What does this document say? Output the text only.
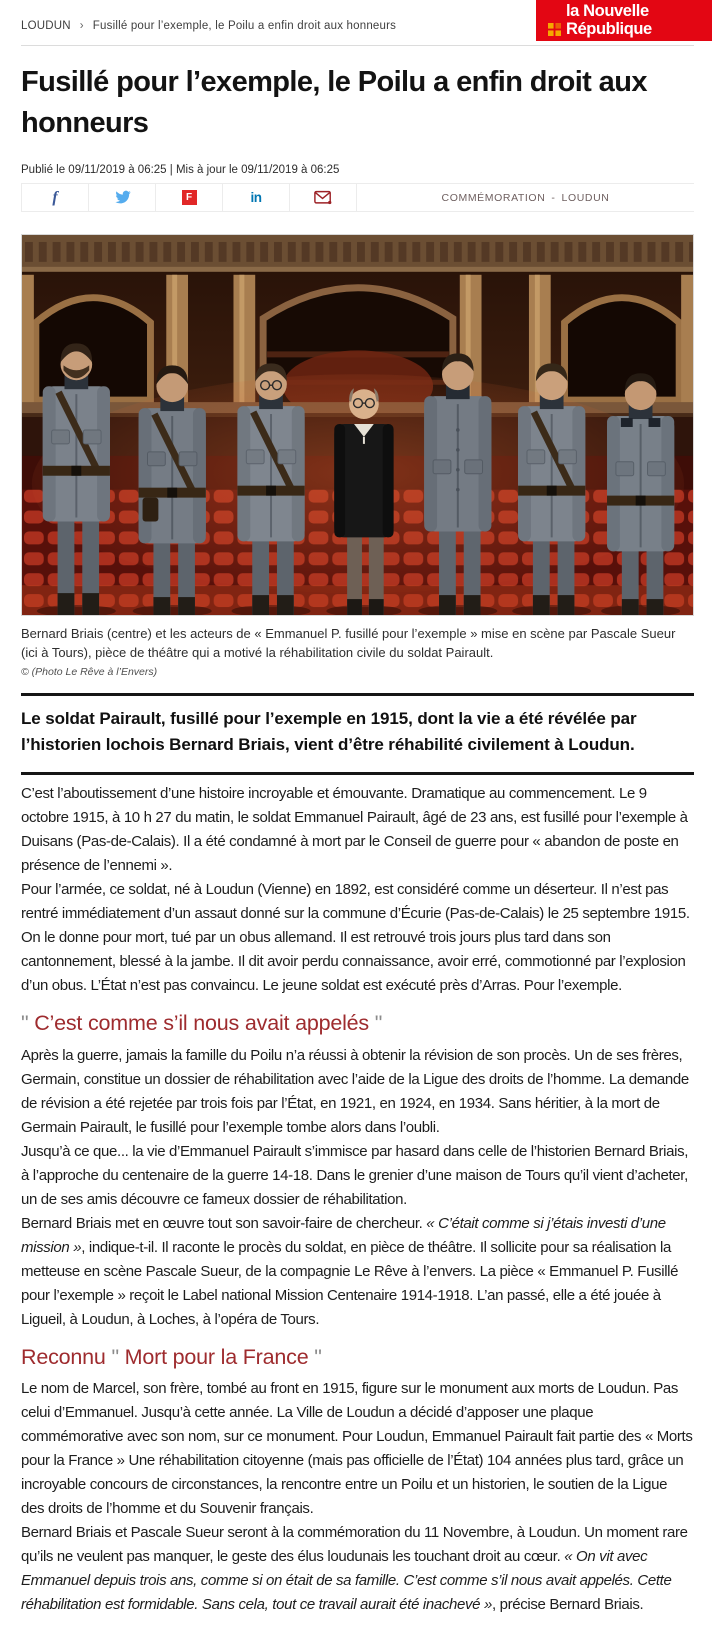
LOUDUN › Fusillé pour l’exemple, le Poilu a enfin droit aux honneurs
la Nouvelle
République
Fusillé pour l’exemple, le Poilu a enfin droit aux honneurs
Publié le 09/11/2019 à 06:25 | Mis à jour le 09/11/2019 à 06:25
f	F	in	COMMÉMORATION - LOUDUN
Bernard Briais (centre) et les acteurs de « Emmanuel P. fusillé pour l’exemple » mise en scène par Pascale Sueur (ici à Tours), pièce de théâtre qui a motivé la réhabilitation civile du soldat Pairault.
© (Photo Le Rêve à l’Envers)
Le soldat Pairault, fusillé pour l’exemple en 1915, dont la vie a été révélée par l’historien lochois Bernard Briais, vient d’être réhabilité civilement à Loudun.

C’est l’aboutissement d’une histoire incroyable et émouvante. Dramatique au commencement. Le 9 octobre 1915, à 10 h 27 du matin, le soldat Emmanuel Pairault, âgé de 23 ans, est fusillé pour l’exemple à Duisans (Pas-de-Calais). Il a été condamné à mort par le Conseil de guerre pour « abandon de poste en présence de l’ennemi ».

Pour l’armée, ce soldat, né à Loudun (Vienne) en 1892, est considéré comme un déserteur. Il n’est pas rentré immédiatement d’un assaut donné sur la commune d’Écurie (Pas-de-Calais) le 25 septembre 1915. On le donne pour mort, tué par un obus allemand. Il est retrouvé trois jours plus tard dans son cantonnement, blessé à la jambe. Il dit avoir perdu connaissance, avoir erré, commotionné par l’explosion d’un obus. L’État n’est pas convaincu. Le jeune soldat est exécuté près d’Arras. Pour l’exemple.

" C’est comme s’il nous avait appelés "

Après la guerre, jamais la famille du Poilu n’a réussi à obtenir la révision de son procès. Un de ses frères, Germain, constitue un dossier de réhabilitation avec l’aide de la Ligue des droits de l’homme. La demande de révision a été rejetée par trois fois par l’État, en 1921, en 1924, en 1934. Sans héritier, à la mort de Germain Pairault, le fusillé pour l’exemple tombe alors dans l’oubli.

Jusqu’à ce que... la vie d’Emmanuel Pairault s’immisce par hasard dans celle de l’historien Bernard Briais, à l’approche du centenaire de la guerre 14-18. Dans le grenier d’une maison de Tours qu’il vient d’acheter, un de ses amis découvre ce fameux dossier de réhabilitation.

Bernard Briais met en œuvre tout son savoir-faire de chercheur. « C’était comme si j’étais investi d’une mission », indique-t-il. Il raconte le procès du soldat, en pièce de théâtre. Il sollicite pour sa réalisation la metteuse en scène Pascale Sueur, de la compagnie Le Rêve à l’envers. La pièce « Emmanuel P. Fusillé pour l’exemple » reçoit le Label national Mission Centenaire 1914-1918. L’an passé, elle a été jouée à Ligueil, à Loudun, à Loches, à l’opéra de Tours.

Reconnu " Mort pour la France "

Le nom de Marcel, son frère, tombé au front en 1915, figure sur le monument aux morts de Loudun. Pas celui d’Emmanuel. Jusqu’à cette année. La Ville de Loudun a décidé d’apposer une plaque commémorative avec son nom, sur ce monument. Pour Loudun, Emmanuel Pairault fait partie des « Morts pour la France » Une réhabilitation citoyenne (mais pas officielle de l’État) 104 années plus tard, grâce un incroyable concours de circonstances, la rencontre entre un Poilu et un historien, le soutien de la Ligue des droits de l’homme et du Souvenir français.

Bernard Briais et Pascale Sueur seront à la commémoration du 11 Novembre, à Loudun. Un moment rare qu’ils ne veulent pas manquer, le geste des élus loudunais les touchant droit au cœur. « On vit avec Emmanuel depuis trois ans, comme si on était de sa famille. C’est comme s’il nous avait appelés. Cette réhabilitation est formidable. Sans cela, tout ce travail aurait été inachevé », précise Bernard Briais.
